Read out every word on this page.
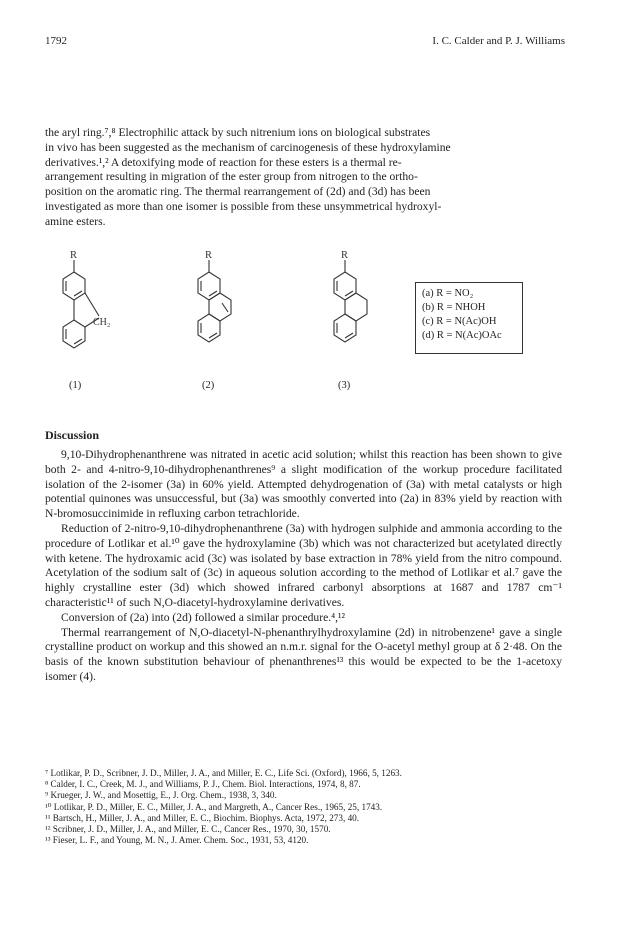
1792	I. C. Calder and P. J. Williams

the aryl ring.⁷,⁸ Electrophilic attack by such nitrenium ions on biological substrates

in vivo has been suggested as the mechanism of carcinogenesis of these hydroxylamine

derivatives.¹,² A detoxifying mode of reaction for these esters is a thermal re-

arrangement resulting in migration of the ester group from nitrogen to the ortho-

position on the aromatic ring. The thermal rearrangement of (2d) and (3d) has been

investigated as more than one isomer is possible from these unsymmetrical hydroxyl-

amine esters.

R
CH₂
R	R
(1)	(2)	(3)
(a) R = NO₂
(b) R = NHOH
(c) R = N(Ac)OH
(d) R = N(Ac)OAc
Discussion

9,10-Dihydrophenanthrene was nitrated in acetic acid solution; whilst this reaction has been shown to give both 2- and 4-nitro-9,10-dihydrophenanthrenes⁹ a slight modification of the workup procedure facilitated isolation of the 2-isomer (3a) in 60% yield. Attempted dehydrogenation of (3a) with metal catalysts or high potential quinones was unsuccessful, but (3a) was smoothly converted into (2a) in 83% yield by reaction with N-bromosuccinimide in refluxing carbon tetrachloride.

Reduction of 2-nitro-9,10-dihydrophenanthrene (3a) with hydrogen sulphide and ammonia according to the procedure of Lotlikar et al.¹⁰ gave the hydroxylamine (3b) which was not characterized but acetylated directly with ketene. The hydroxamic acid (3c) was isolated by base extraction in 78% yield from the nitro compound. Acetylation of the sodium salt of (3c) in aqueous solution according to the method of Lotlikar et al.⁷ gave the highly crystalline ester (3d) which showed infrared carbonyl absorptions at 1687 and 1787 cm⁻¹ characteristic¹¹ of such N,O-diacetyl-hydroxylamine derivatives.

Conversion of (2a) into (2d) followed a similar procedure.⁴,¹²

Thermal rearrangement of N,O-diacetyl-N-phenanthrylhydroxylamine (2d) in nitrobenzene¹ gave a single crystalline product on workup and this showed an n.m.r. signal for the O-acetyl methyl group at δ 2·48. On the basis of the known substitution behaviour of phenanthrenes¹³ this would be expected to be the 1-acetoxy isomer (4).

⁷ Lotlikar, P. D., Scribner, J. D., Miller, J. A., and Miller, E. C., Life Sci. (Oxford), 1966, 5, 1263.
⁸ Calder, I. C., Creek, M. J., and Williams, P. J., Chem. Biol. Interactions, 1974, 8, 87.
⁹ Krueger, J. W., and Mosettig, E., J. Org. Chem., 1938, 3, 340.
¹⁰ Lotlikar, P. D., Miller, E. C., Miller, J. A., and Margreth, A., Cancer Res., 1965, 25, 1743.
¹¹ Bartsch, H., Miller, J. A., and Miller, E. C., Biochim. Biophys. Acta, 1972, 273, 40.
¹² Scribner, J. D., Miller, J. A., and Miller, E. C., Cancer Res., 1970, 30, 1570.
¹³ Fieser, L. F., and Young, M. N., J. Amer. Chem. Soc., 1931, 53, 4120.
